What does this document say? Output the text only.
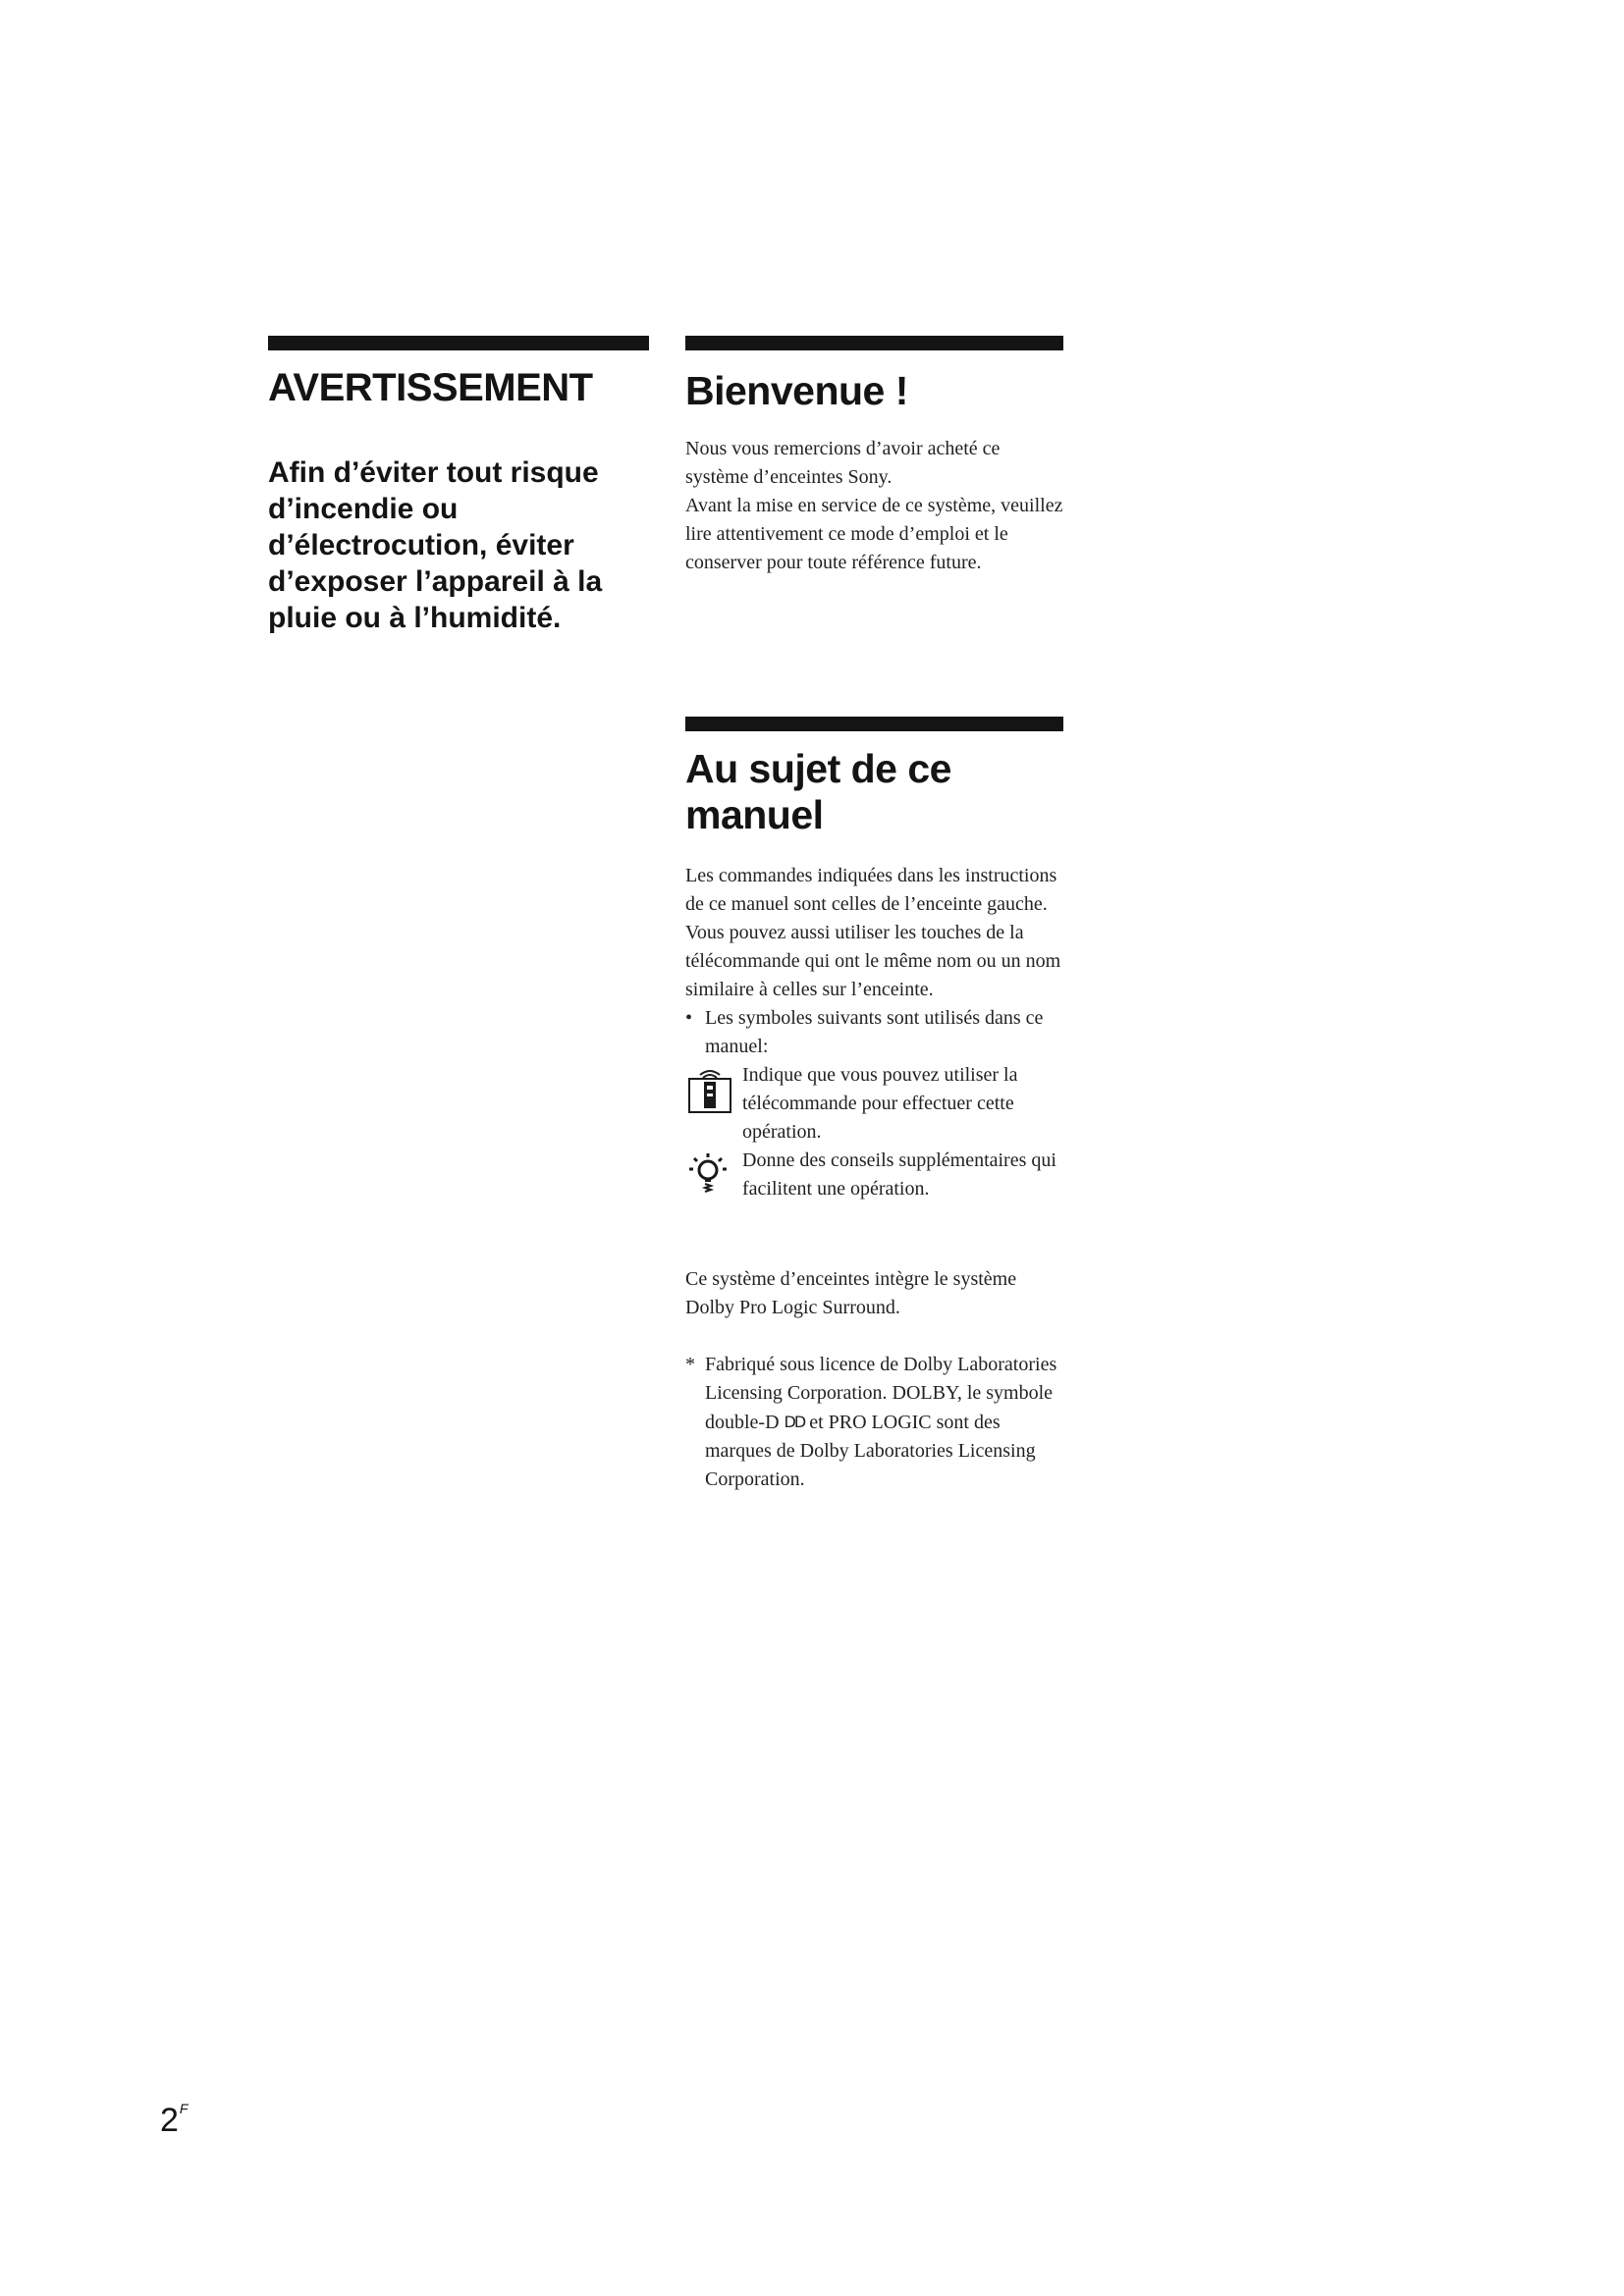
AVERTISSEMENT

Afin d’éviter tout risque d’incendie ou d’électrocution, éviter d’exposer l’appareil à la pluie ou à l’humidité.

Bienvenue !

Nous vous remercions d’avoir acheté ce système d’enceintes Sony.

Avant la mise en service de ce système, veuillez lire attentivement ce mode d’emploi et le conserver pour toute référence future.

Au sujet de ce manuel

Les commandes indiquées dans les instructions de ce manuel sont celles de l’enceinte gauche. Vous pouvez aussi utiliser les touches de la télécommande qui ont le même nom ou un nom similaire à celles sur l’enceinte.

• Les symboles suivants sont utilisés dans ce manuel:
Indique que vous pouvez utiliser la télécommande pour effectuer cette opération.
Donne des conseils supplémentaires qui facilitent une opération.

Ce système d’enceintes intègre le système Dolby Pro Logic Surround.

* Fabriqué sous licence de Dolby Laboratories Licensing Corporation. DOLBY, le symbole double-D DD et PRO LOGIC sont des marques de Dolby Laboratories Licensing Corporation.
$2^F$
